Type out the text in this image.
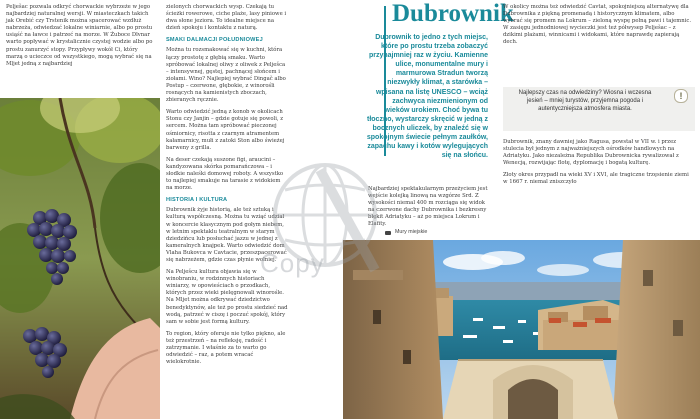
Pelješac pozwala odkryć chorwackie wybrzeże w jego najbardziej naturalnej wersji. W miasteczkach takich jak Orebić czy Trstenik można spacerować wzdłuż nabrzeża, odwiedzać lokalne winiarnie, albo po prostu usiąść na ławce i patrzeć na morze. W Żuboce Dlvnar warto popływać w krystalicznie czystej wodzie albo po prostu zanurzyć stopy. Przypływy wokół Ci, który marzą o ucieczce od wszystkiego, mogą wybrać się na Mljet jedną z najbardziej

zielonych chorwackich wysp. Czekają tu ścieżki rowerowe, ciche plaże, lasy piniowe i dwa słone jeziora. To idealne miejsce na dzień spokoju i kontaktu z naturą.

SMAKI DALMACJI POŁUDNIOWEJ

Można tu rozsmakować się w kuchni, która łączy prostotę z głębią smaku. Warto spróbować lokalnej oliwy z oliwek z Pelješca – intensywnej, gęstej, pachnącej słońcem i ziołami. Wino? Najlepiej wybrać Dingač albo Postup – czerwone, głębokie, z winorośli rosnących na kamienistych zboczach, zbieranych ręcznie.

Warto odwiedzić jedną z konob w okolicach Stonu czy Janjin – gdzie gotuje się powoli, z sercem. Można tam spróbować pieczonej ośmiornicy, risotta z czarnym atramentem kałamarnicy, mułi z zatoki Ston albo świeżej barweny z grilla.

Na deser czekają suszone figi, araucini – kandyzowana skórka pomarańczowa – i słodkie naleśki domowej roboty. A wszystko to najlepiej smakuje na tarasie z widokiem na morze.

HISTORIA I KULTURA

Dubrownik żyje historią, ale też sztuką i kulturą współczesną. Można tu wziąć udział w koncercie klasycznym pod gołym niebem, w letnim spektaklu teatralnym w starym dziedzińcu lub posłuchać jazzu w jednej z kameralnych knajpek. Warto odwiedzić dom Vlaha Bukovca w Cavtacie, przeszpacerować się nabrzeżem, gdzie czas płynie wolniej.

Na Pelješcu kultura objawia się w winobraniu, w rodzinnych historiach winiarzy, w opowieściach o przodkach, których przez wieki pielęgnowali winorośle. Na Mljet można odkrywać dziedzictwo benedyktynów, ale też po prostu siedzieć nad wodą, patrzeć w ciszę i poczuć spokój, który sam w sobie jest formą kultury.

To region, który oferuje nie tylko piękno, ale też przestrzeń – na refleksję, radość i zatrzymanie. I właśnie za to warto go odwiedzić – raz, a potem wracać wielokrotnie.

Dubrownik
Dubrownik to jedno z tych miejsc, które po prostu trzeba zobaczyć przynajmniej raz w życiu. Kamienne ulice, monumentalne mury i marmurowa Stradun tworzą niezwykły klimat, a starówka – wpisana na listę UNESCO – wciąż zachwyca niezmienionym od wieków urokiem. Choć bywa tu tłoczno, wystarczy skręcić w jedną z bocznych uliczek, by znaleźć się w spokojnym świecie pełnym zaułków, zapachu kawy i kotów wylegujących się na słońcu.

Najbardziej spektakularnym przeżyciem jest wejście kolejką linową na wzgórze Srd. Z wysokości niemal 400 m rozciąga się widok na czerwone dachy Dubrownika i bezkresny błękit Adriatyku – aż po miejsca Lokrum i Elafity.

Mury miejskie

W okolicy można też odwiedzić Cavtat, spokojniejszą alternatywę dla Dubrownika z piękną promenadą i historycznym klimatem, albo wybrać się promem na Lokrum – zieloną wyspę pełną pawi i tajemnic. W zasięgu jednodniowej wycieczki jest też półwysep Pelješac – z dzikimi plażami, winnicami i widokami, które naprawdę zapierają dech.

Najlepszy czas na odwiedziny? Wiosna i wczesna jesień – mniej turystów, przyjemna pogoda i autentyczniejsza atmosfera miasta.
!

Dubrownik, znany dawniej jako Ragusa, powstał w VII w. i przez stulecia był jednym z najważniejszych ośrodków handlowych na Adriatyku. Jako niezależna Republika Dubrownicka rywalizował z Wenecją, rozwijając flotę, dyplomację i bogatą kulturę.

Złoty okres przypadł na wieki XV i XVI, ale tragiczne trzęsienie ziemi w 1667 r. niemal zniszczyło

Copy
